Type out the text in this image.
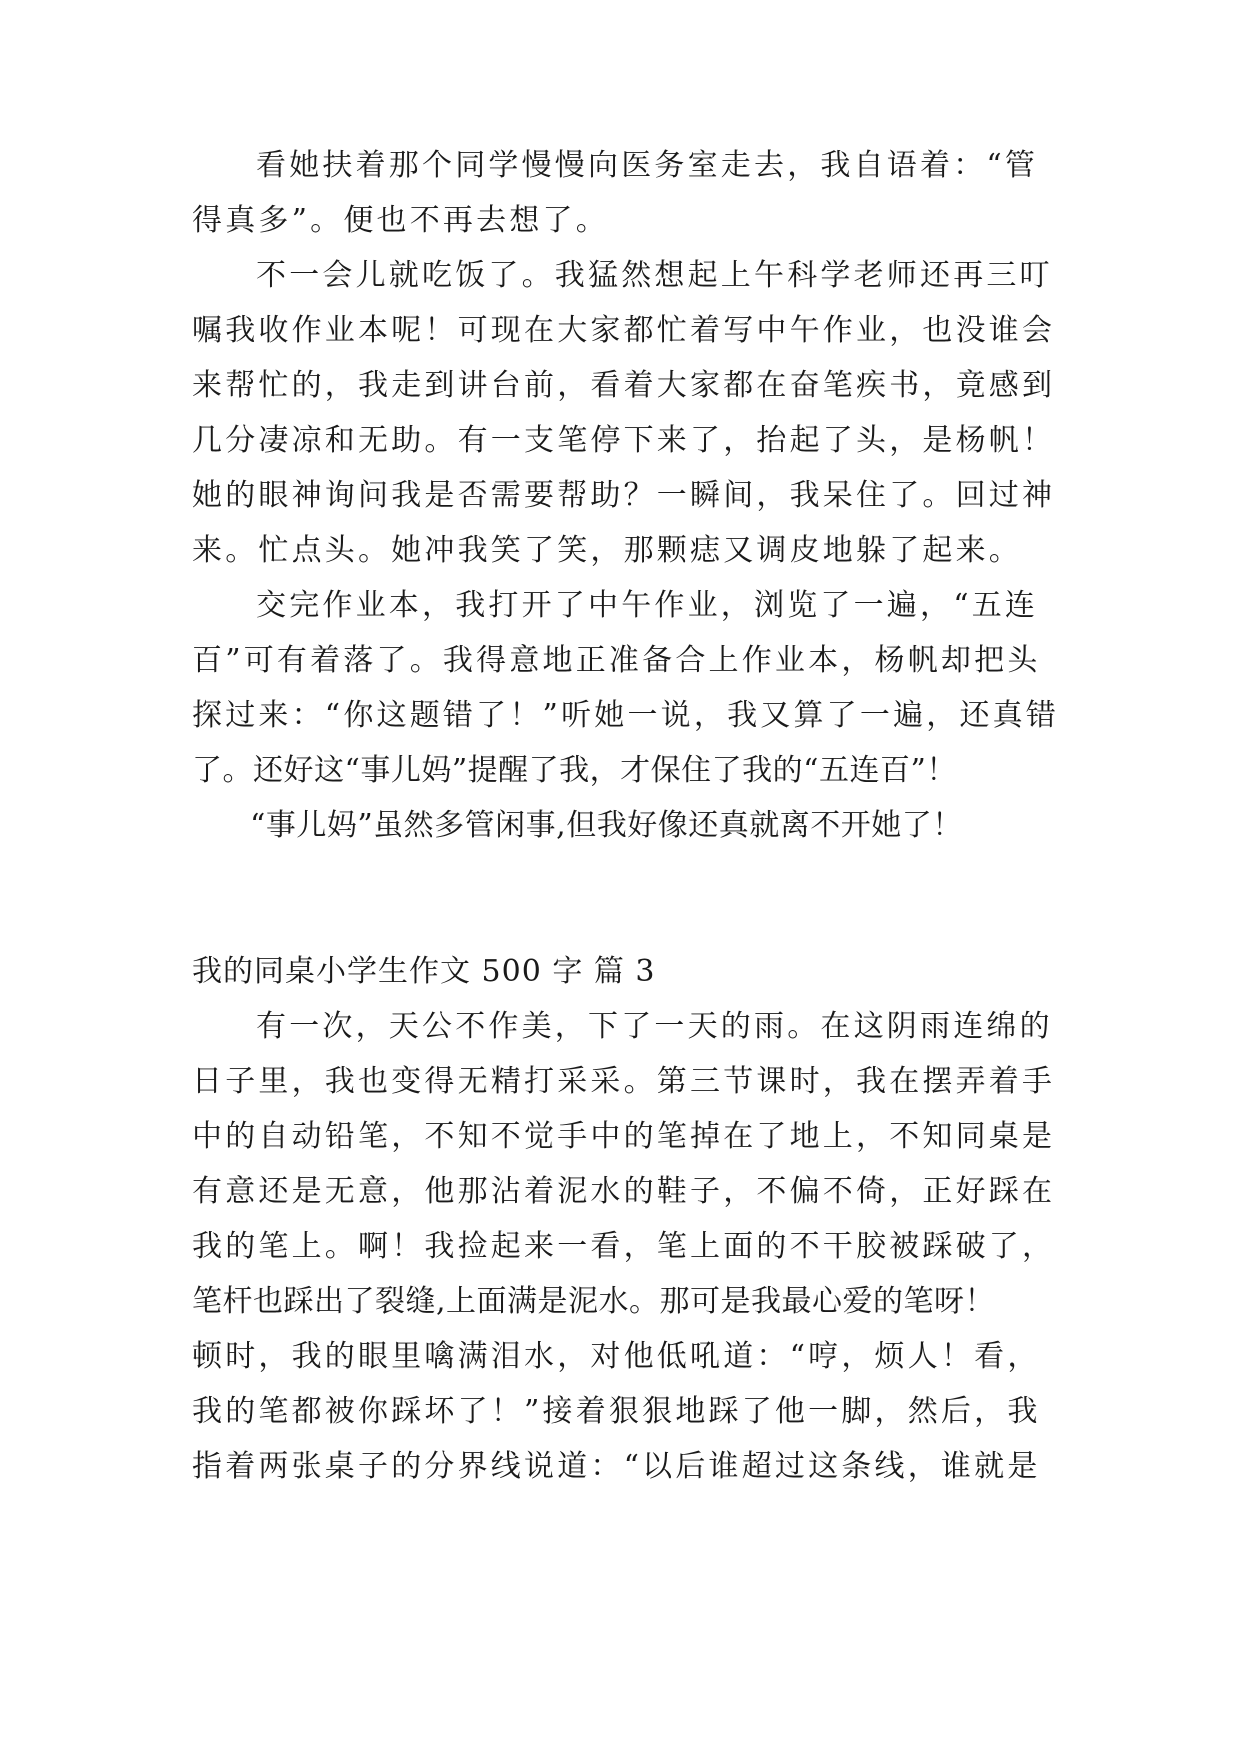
看她扶着那个同学慢慢向医务室走去，我自语着：“管
得真多”。便也不再去想了。
不一会儿就吃饭了。我猛然想起上午科学老师还再三叮
嘱我收作业本呢！可现在大家都忙着写中午作业，也没谁会
来帮忙的，我走到讲台前，看着大家都在奋笔疾书，竟感到
几分凄凉和无助。有一支笔停下来了，抬起了头，是杨帆！
她的眼神询问我是否需要帮助？一瞬间，我呆住了。回过神
来。忙点头。她冲我笑了笑，那颗痣又调皮地躲了起来。
交完作业本，我打开了中午作业，浏览了一遍，“五连
百”可有着落了。我得意地正准备合上作业本，杨帆却把头
探过来：“你这题错了！”听她一说，我又算了一遍，还真错
了。还好这“事儿妈”提醒了我，才保住了我的“五连百”！
“事儿妈”虽然多管闲事,但我好像还真就离不开她了！
我的同桌小学生作文 500 字 篇 3
有一次，天公不作美，下了一天的雨。在这阴雨连绵的
日子里，我也变得无精打采采。第三节课时，我在摆弄着手
中的自动铅笔，不知不觉手中的笔掉在了地上，不知同桌是
有意还是无意，他那沾着泥水的鞋子，不偏不倚，正好踩在
我的笔上。啊！我捡起来一看，笔上面的不干胶被踩破了，
笔杆也踩出了裂缝,上面满是泥水。那可是我最心爱的笔呀！
顿时，我的眼里噙满泪水，对他低吼道：“哼，烦人！看，
我的笔都被你踩坏了！”接着狠狠地踩了他一脚，然后，我
指着两张桌子的分界线说道：“以后谁超过这条线，谁就是
